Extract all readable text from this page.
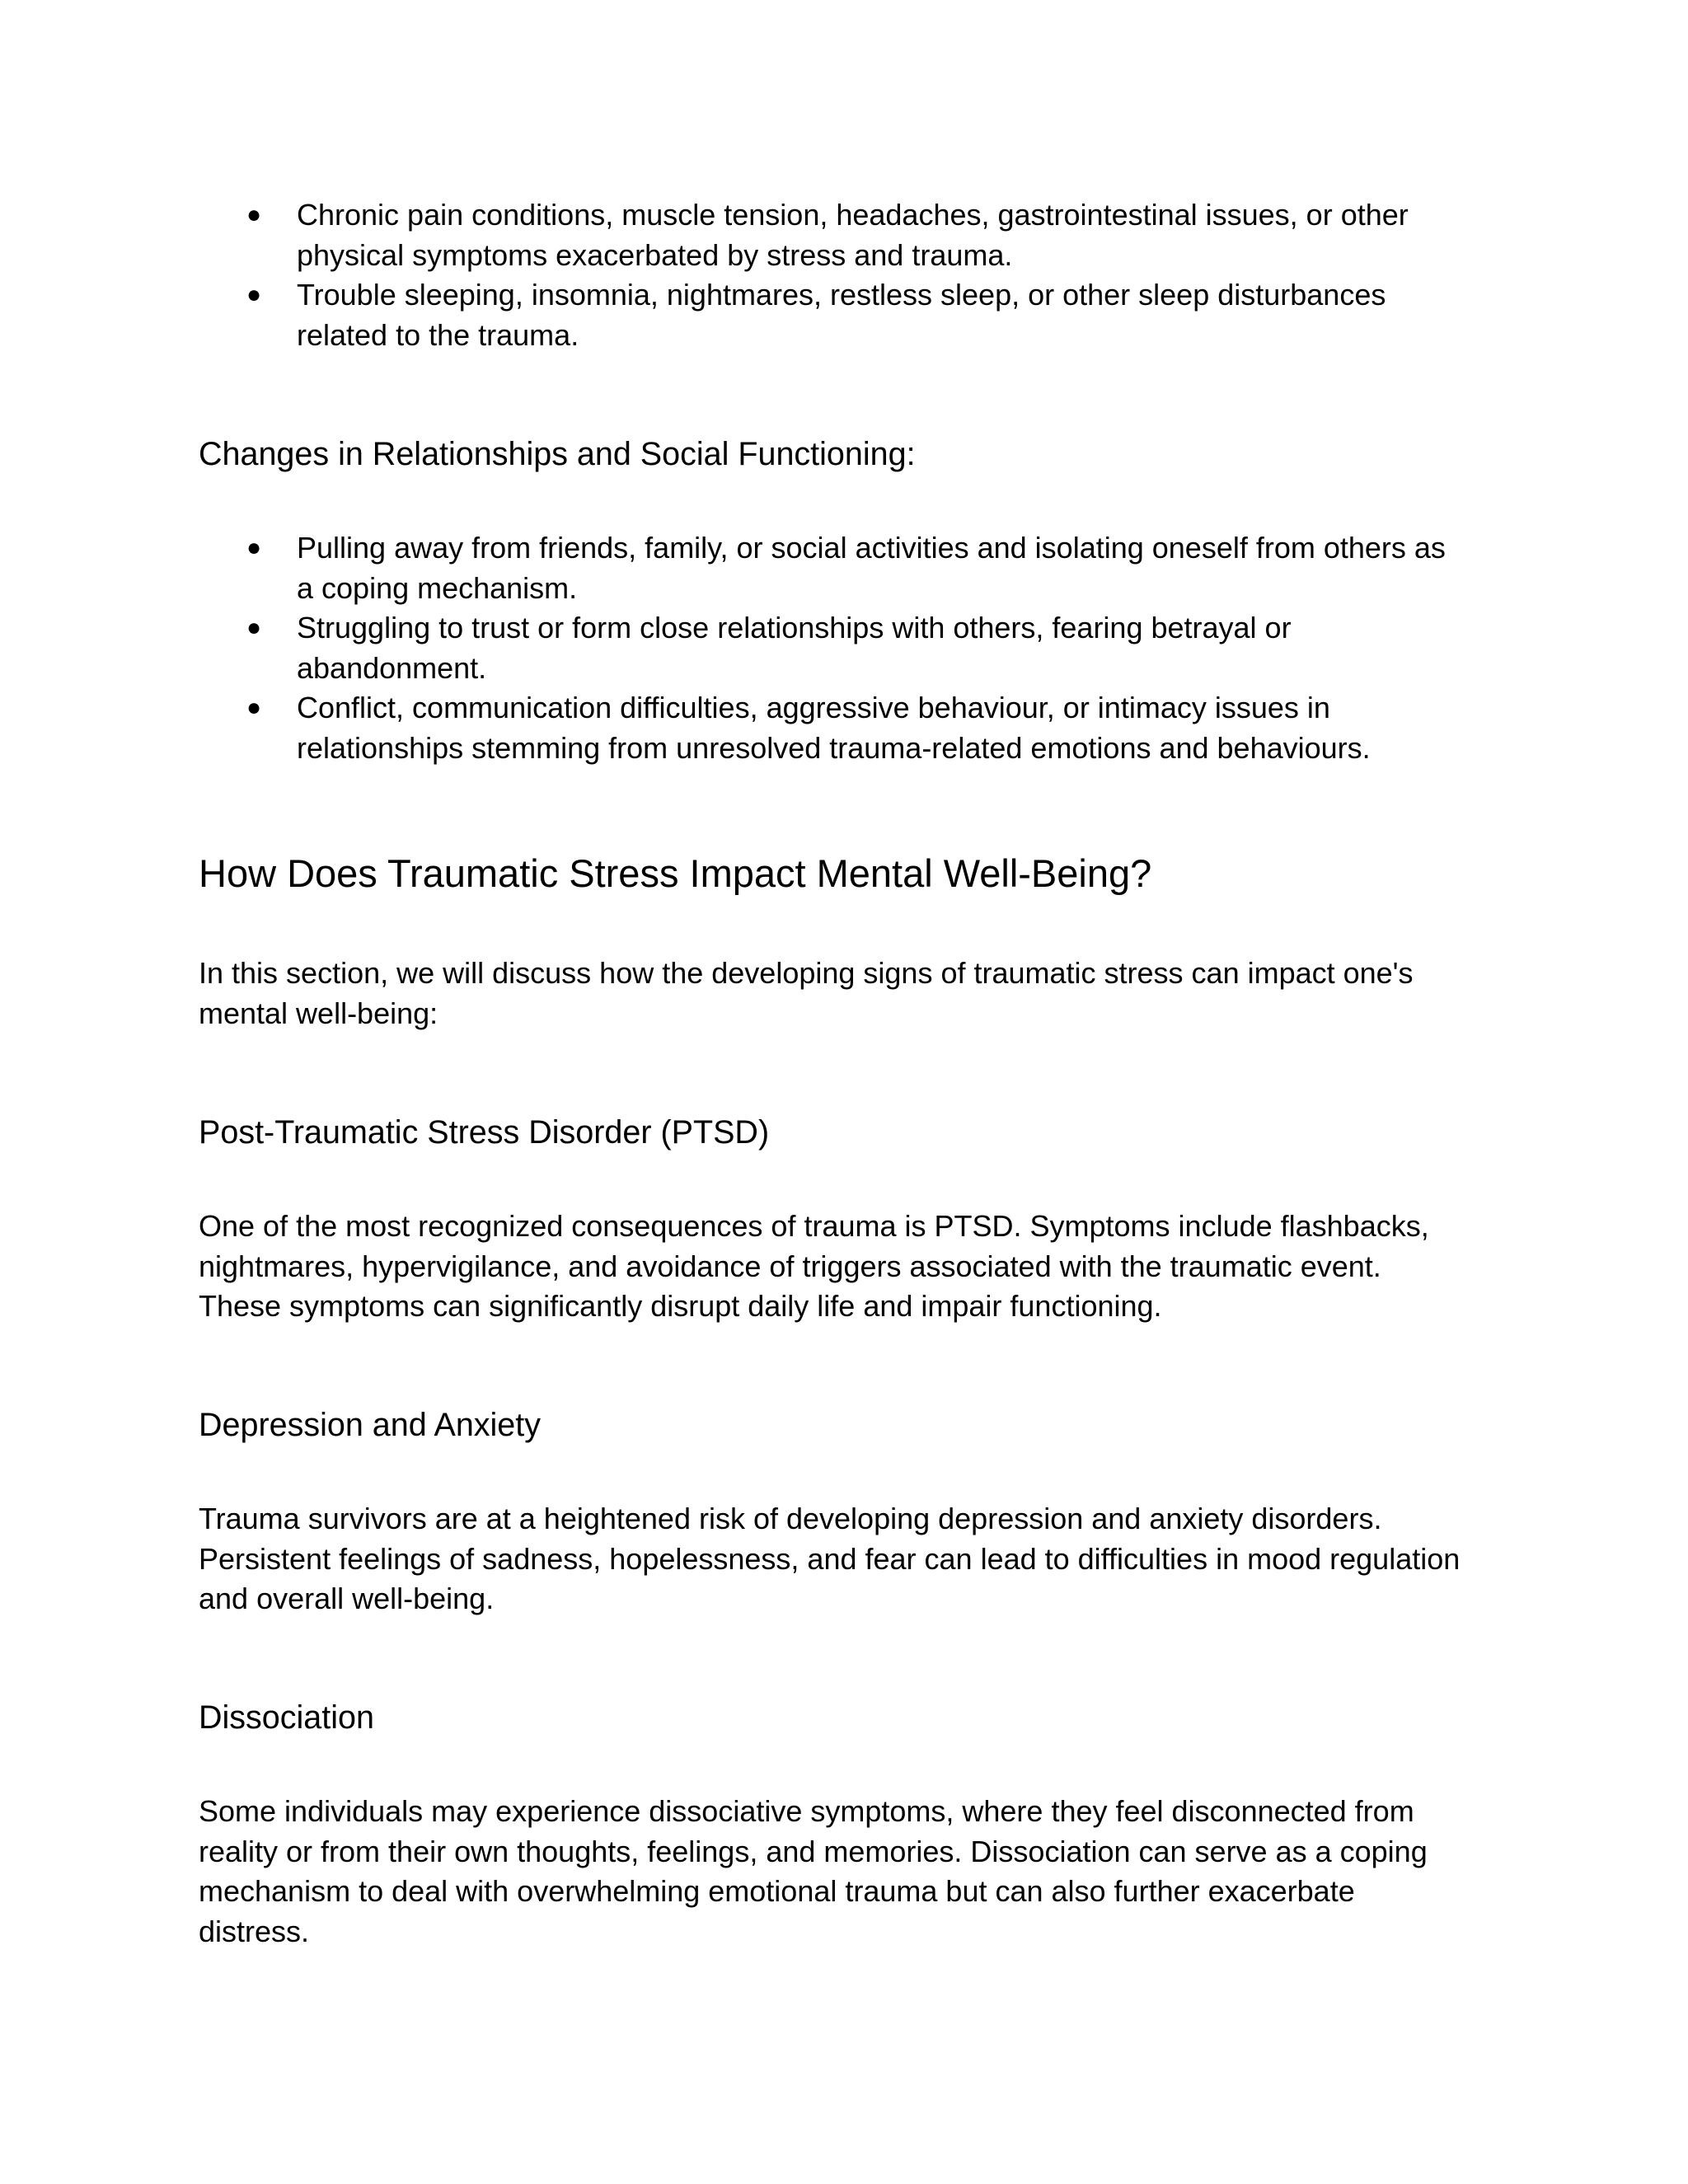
● Chronic pain conditions, muscle tension, headaches, gastrointestinal issues, or other
physical symptoms exacerbated by stress and trauma.
● Trouble sleeping, insomnia, nightmares, restless sleep, or other sleep disturbances
related to the trauma.
Changes in Relationships and Social Functioning:
● Pulling away from friends, family, or social activities and isolating oneself from others as
a coping mechanism.
● Struggling to trust or form close relationships with others, fearing betrayal or
abandonment.
● Conflict, communication difficulties, aggressive behaviour, or intimacy issues in
relationships stemming from unresolved trauma-related emotions and behaviours.
How Does Traumatic Stress Impact Mental Well-Being?

In this section, we will discuss how the developing signs of traumatic stress can impact one's
mental well-being:

Post-Traumatic Stress Disorder (PTSD)

One of the most recognized consequences of trauma is PTSD. Symptoms include flashbacks,
nightmares, hypervigilance, and avoidance of triggers associated with the traumatic event.
These symptoms can significantly disrupt daily life and impair functioning.

Depression and Anxiety

Trauma survivors are at a heightened risk of developing depression and anxiety disorders.
Persistent feelings of sadness, hopelessness, and fear can lead to difficulties in mood regulation
and overall well-being.

Dissociation

Some individuals may experience dissociative symptoms, where they feel disconnected from
reality or from their own thoughts, feelings, and memories. Dissociation can serve as a coping
mechanism to deal with overwhelming emotional trauma but can also further exacerbate
distress.
